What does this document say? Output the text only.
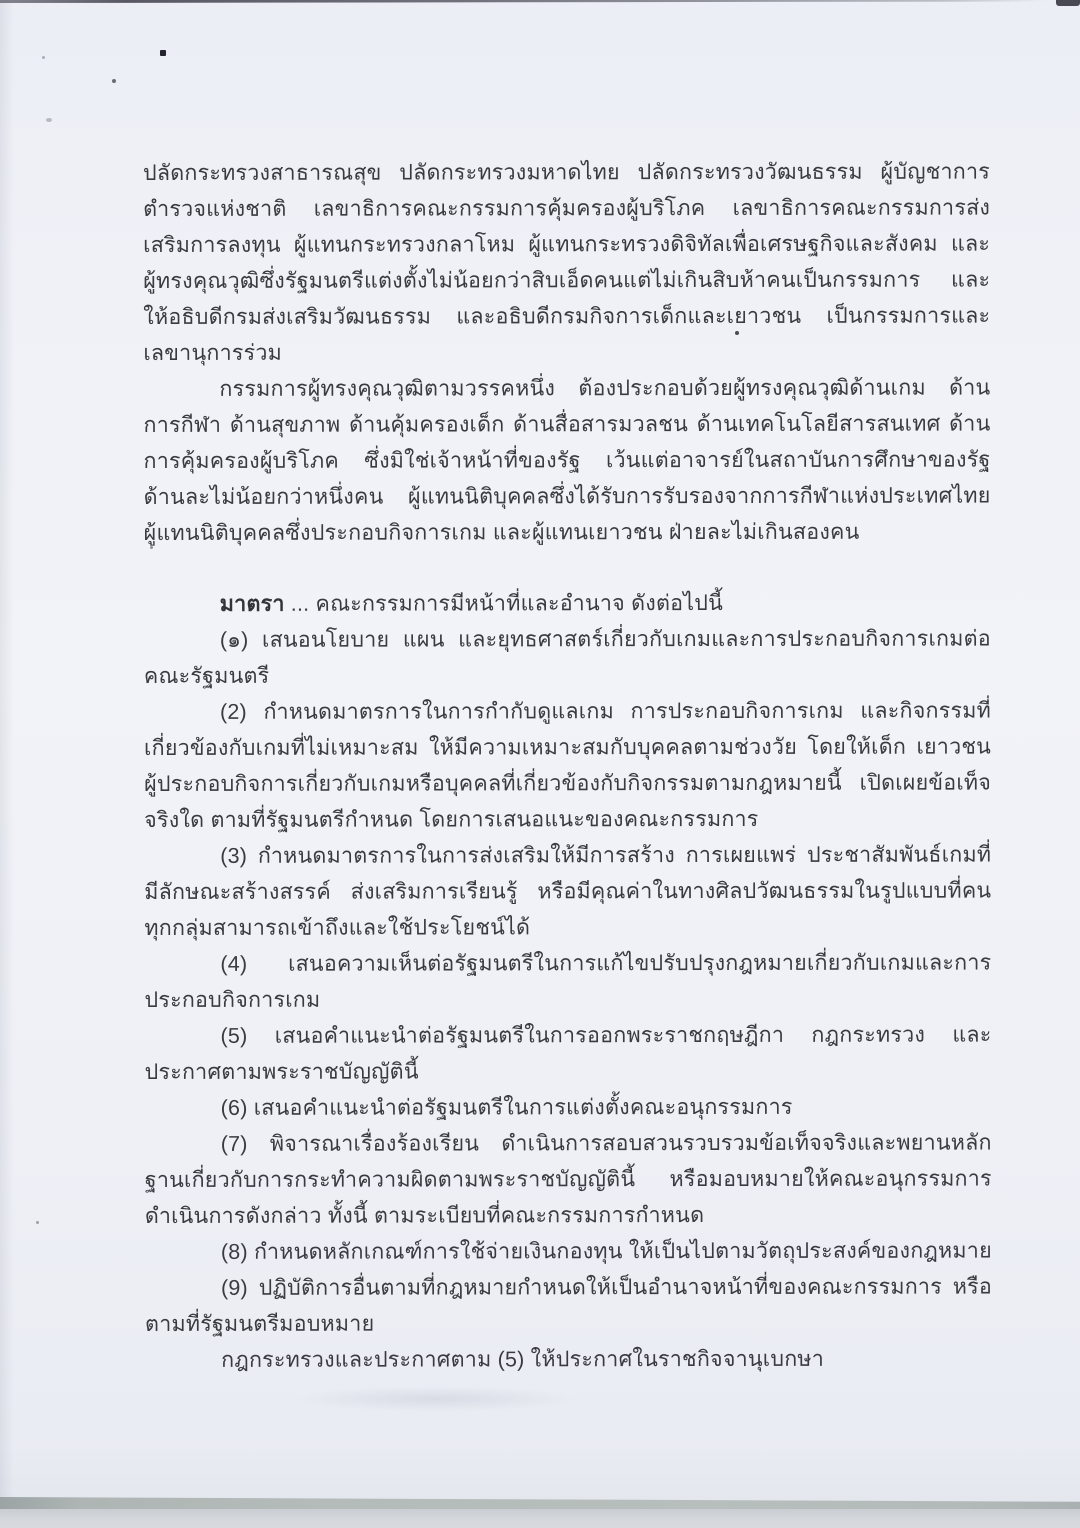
ปลัดกระทรวงสาธารณสุข ปลัดกระทรวงมหาดไทย ปลัดกระทรวงวัฒนธรรม ผู้บัญชาการตำรวจแห่งชาติ เลขาธิการคณะกรรมการคุ้มครองผู้บริโภค เลขาธิการคณะกรรมการส่งเสริมการลงทุน ผู้แทนกระทรวงกลาโหม ผู้แทนกระทรวงดิจิทัลเพื่อเศรษฐกิจและสังคม และผู้ทรงคุณวุฒิซึ่งรัฐมนตรีแต่งตั้งไม่น้อยกว่าสิบเอ็ดคนแต่ไม่เกินสิบห้าคนเป็นกรรมการ และให้อธิบดีกรมส่งเสริมวัฒนธรรม และอธิบดีกรมกิจการเด็กและเยาวชน เป็นกรรมการและเลขานุการร่วม

กรรมการผู้ทรงคุณวุฒิตามวรรคหนึ่ง ต้องประกอบด้วยผู้ทรงคุณวุฒิด้านเกม ด้านการกีฬา ด้านสุขภาพ ด้านคุ้มครองเด็ก ด้านสื่อสารมวลชน ด้านเทคโนโลยีสารสนเทศ ด้านการคุ้มครองผู้บริโภค ซึ่งมิใช่เจ้าหน้าที่ของรัฐ เว้นแต่อาจารย์ในสถาบันการศึกษาของรัฐ ด้านละไม่น้อยกว่าหนึ่งคน ผู้แทนนิติบุคคลซึ่งได้รับการรับรองจากการกีฬาแห่งประเทศไทย ผู้แทนนิติบุคคลซึ่งประกอบกิจการเกม และผู้แทนเยาวชน ฝ่ายละไม่เกินสองคน

มาตรา ... คณะกรรมการมีหน้าที่และอำนาจ ดังต่อไปนี้

(๑) เสนอนโยบาย แผน และยุทธศาสตร์เกี่ยวกับเกมและการประกอบกิจการเกมต่อคณะรัฐมนตรี

(2) กำหนดมาตรการในการกำกับดูแลเกม การประกอบกิจการเกม และกิจกรรมที่เกี่ยวข้องกับเกมที่ไม่เหมาะสม ให้มีความเหมาะสมกับบุคคลตามช่วงวัย โดยให้เด็ก เยาวชน ผู้ประกอบกิจการเกี่ยวกับเกมหรือบุคคลที่เกี่ยวข้องกับกิจกรรมตามกฎหมายนี้ เปิดเผยข้อเท็จจริงใด ตามที่รัฐมนตรีกำหนด โดยการเสนอแนะของคณะกรรมการ

(3) กำหนดมาตรการในการส่งเสริมให้มีการสร้าง การเผยแพร่ ประชาสัมพันธ์เกมที่มีลักษณะสร้างสรรค์ ส่งเสริมการเรียนรู้ หรือมีคุณค่าในทางศิลปวัฒนธรรมในรูปแบบที่คนทุกกลุ่มสามารถเข้าถึงและใช้ประโยชน์ได้

(4) เสนอความเห็นต่อรัฐมนตรีในการแก้ไขปรับปรุงกฎหมายเกี่ยวกับเกมและการประกอบกิจการเกม

(5) เสนอคำแนะนำต่อรัฐมนตรีในการออกพระราชกฤษฎีกา กฎกระทรวง และประกาศตามพระราชบัญญัตินี้

(6) เสนอคำแนะนำต่อรัฐมนตรีในการแต่งตั้งคณะอนุกรรมการ

(7) พิจารณาเรื่องร้องเรียน ดำเนินการสอบสวนรวบรวมข้อเท็จจริงและพยานหลักฐานเกี่ยวกับการกระทำความผิดตามพระราชบัญญัตินี้ หรือมอบหมายให้คณะอนุกรรมการดำเนินการดังกล่าว ทั้งนี้ ตามระเบียบที่คณะกรรมการกำหนด

(8) กำหนดหลักเกณฑ์การใช้จ่ายเงินกองทุน ให้เป็นไปตามวัตถุประสงค์ของกฎหมาย

(9) ปฏิบัติการอื่นตามที่กฎหมายกำหนดให้เป็นอำนาจหน้าที่ของคณะกรรมการ หรือตามที่รัฐมนตรีมอบหมาย

กฎกระทรวงและประกาศตาม (5) ให้ประกาศในราชกิจจานุเบกษา
